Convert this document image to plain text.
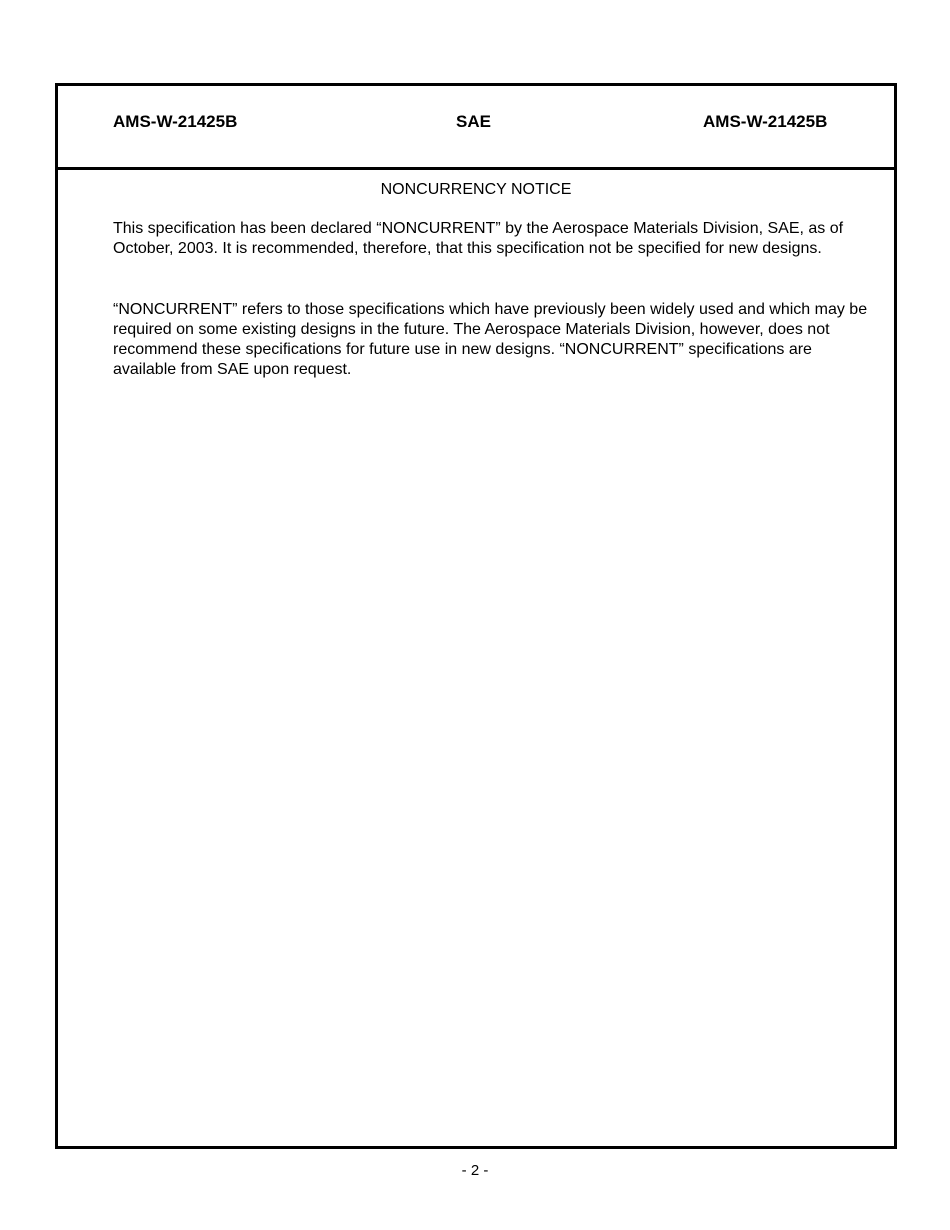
AMS-W-21425B	SAE	AMS-W-21425B
NONCURRENCY NOTICE
This specification has been declared “NONCURRENT” by the Aerospace Materials Division, SAE, as of October, 2003. It is recommended, therefore, that this specification not be specified for new designs.
“NONCURRENT” refers to those specifications which have previously been widely used and which may be required on some existing designs in the future. The Aerospace Materials Division, however, does not recommend these specifications for future use in new designs. “NONCURRENT” specifications are available from SAE upon request.
- 2 -
